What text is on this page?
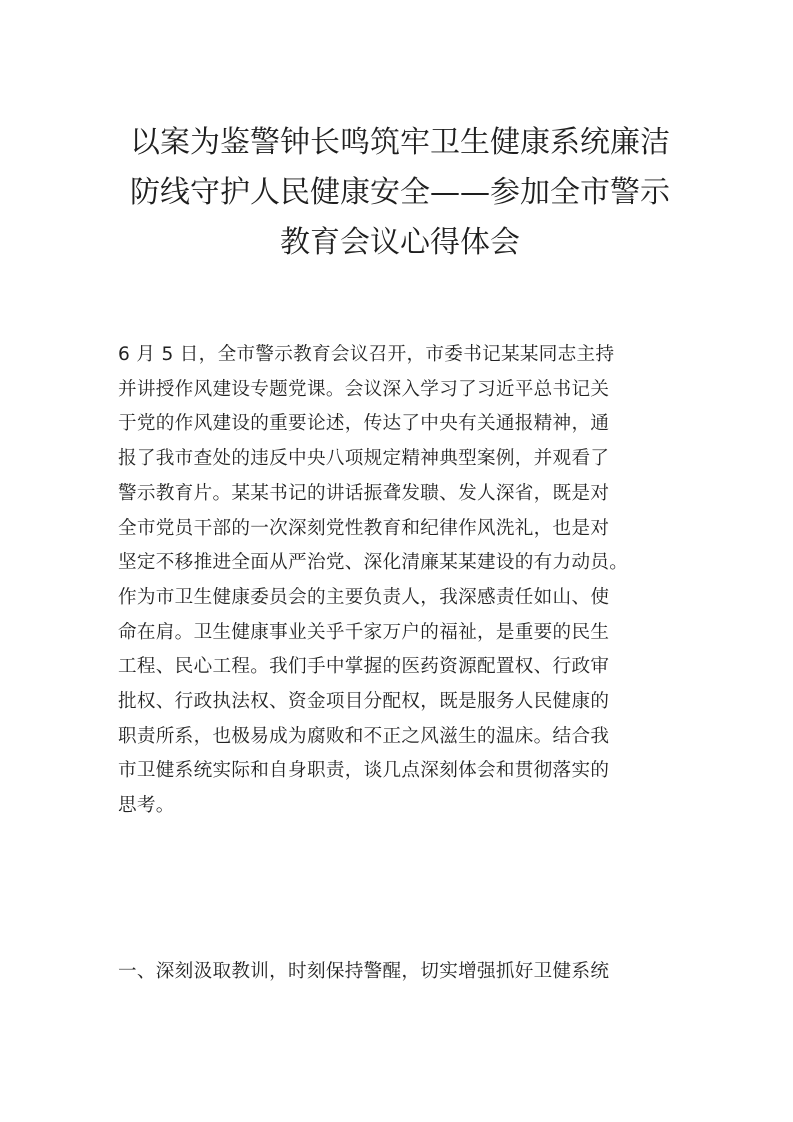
以案为鉴警钟长鸣筑牢卫生健康系统廉洁
防线守护人民健康安全——参加全市警示
教育会议心得体会

6 月 5 日，全市警示教育会议召开，市委书记某某同志主持
并讲授作风建设专题党课。会议深入学习了习近平总书记关
于党的作风建设的重要论述，传达了中央有关通报精神，通
报了我市查处的违反中央八项规定精神典型案例，并观看了
警示教育片。某某书记的讲话振聋发聩、发人深省，既是对
全市党员干部的一次深刻党性教育和纪律作风洗礼，也是对
坚定不移推进全面从严治党、深化清廉某某建设的有力动员。
作为市卫生健康委员会的主要负责人，我深感责任如山、使
命在肩。卫生健康事业关乎千家万户的福祉，是重要的民生
工程、民心工程。我们手中掌握的医药资源配置权、行政审
批权、行政执法权、资金项目分配权，既是服务人民健康的
职责所系，也极易成为腐败和不正之风滋生的温床。结合我
市卫健系统实际和自身职责，谈几点深刻体会和贯彻落实的
思考。

一、深刻汲取教训，时刻保持警醒，切实增强抓好卫健系统
